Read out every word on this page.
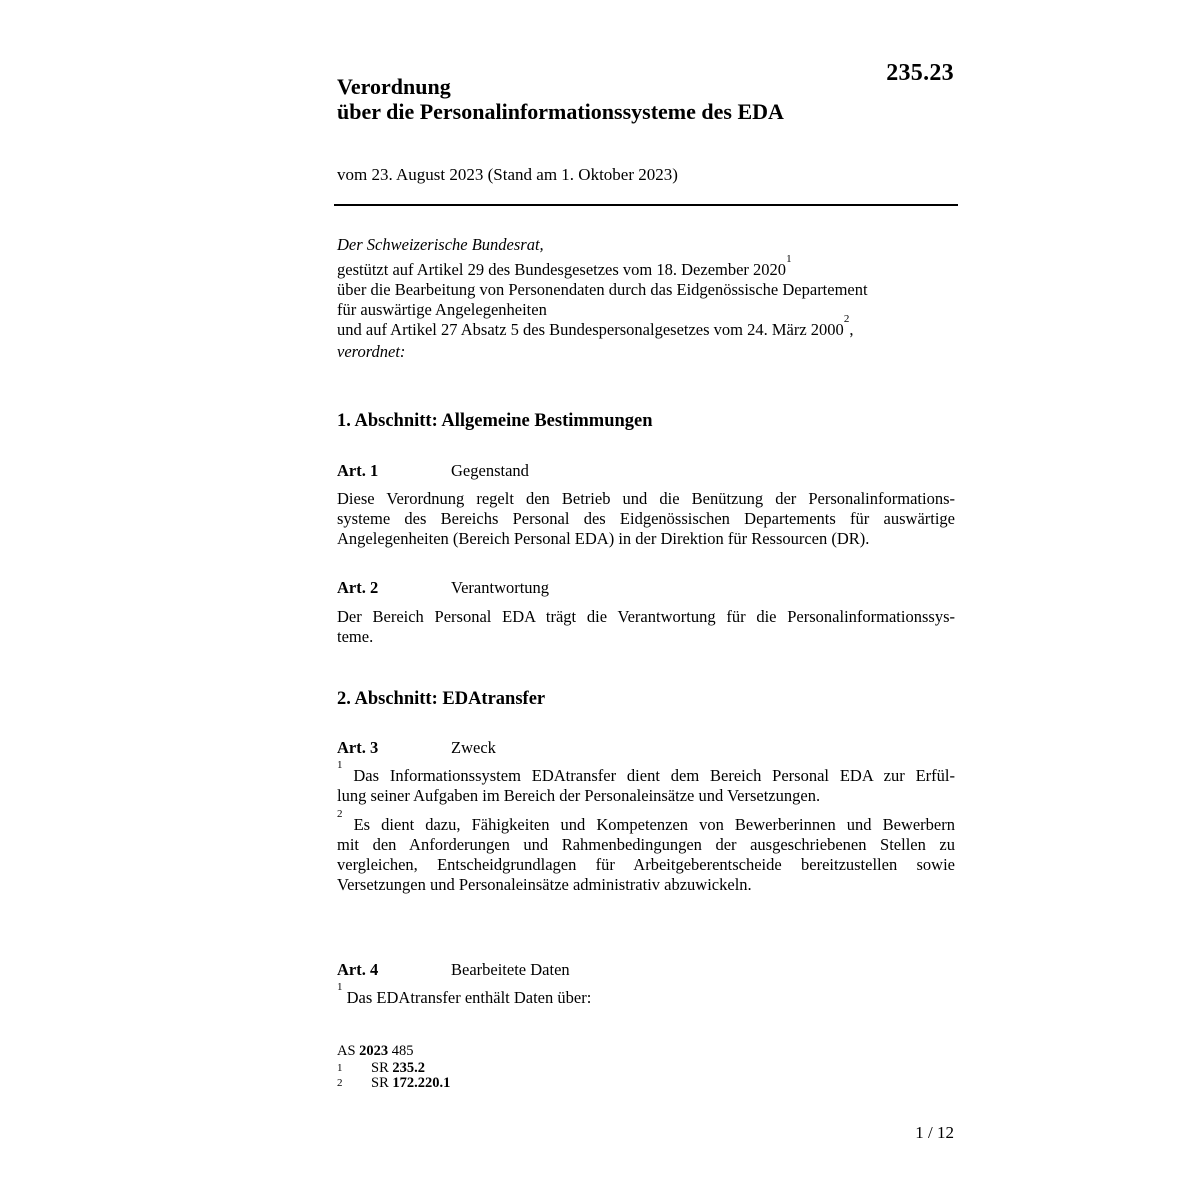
235.23
Verordnung
über die Personalinformationssysteme des EDA
vom 23. August 2023 (Stand am 1. Oktober 2023)

Der Schweizerische Bundesrat,

gestützt auf Artikel 29 des Bundesgesetzes vom 18. Dezember 2020$^1$

über die Bearbeitung von Personendaten durch das Eidgenössische Departement

für auswärtige Angelegenheiten

und auf Artikel 27 Absatz 5 des Bundespersonalgesetzes vom 24. März 2000$^2$,

verordnet:

1. Abschnitt: Allgemeine Bestimmungen
Art. 1	Gegenstand
Diese Verordnung regelt den Betrieb und die Benützung der Personalinformations-
systeme des Bereichs Personal des Eidgenössischen Departements für auswärtige
Angelegenheiten (Bereich Personal EDA) in der Direktion für Ressourcen (DR).
Art. 2	Verantwortung
Der Bereich Personal EDA trägt die Verantwortung für die Personalinformationssys-
teme.
2. Abschnitt: EDAtransfer
Art. 3	Zweck
$^1$ Das Informationssystem EDAtransfer dient dem Bereich Personal EDA zur Erfül-
lung seiner Aufgaben im Bereich der Personaleinsätze und Versetzungen.
$^2$ Es dient dazu, Fähigkeiten und Kompetenzen von Bewerberinnen und Bewerbern
mit den Anforderungen und Rahmenbedingungen der ausgeschriebenen Stellen zu
vergleichen, Entscheidgrundlagen für Arbeitgeberentscheide bereitzustellen sowie
Versetzungen und Personaleinsätze administrativ abzuwickeln.
Art. 4	Bearbeitete Daten
$^1$ Das EDAtransfer enthält Daten über:
AS 2023 485
1 SR 235.2
2 SR 172.220.1
1 / 12
